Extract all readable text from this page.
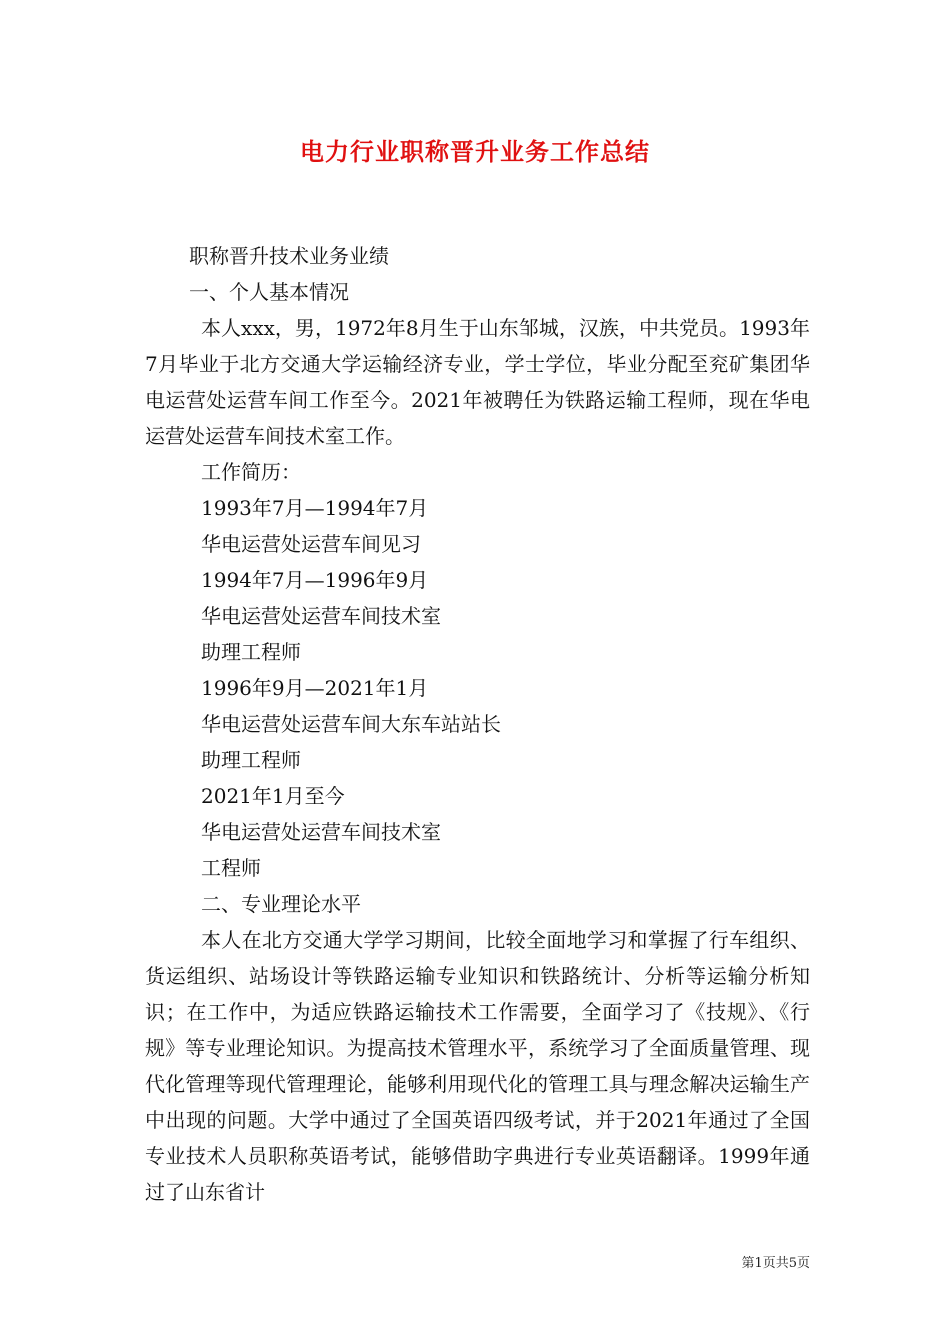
电力行业职称晋升业务工作总结
职称晋升技术业务业绩
一、个人基本情况

本人xxx，男，1972年8月生于山东邹城，汉族，中共党员。1993年7月毕业于北方交通大学运输经济专业，学士学位，毕业分配至兖矿集团华电运营处运营车间工作至今。2021年被聘任为铁路运输工程师，现在华电运营处运营车间技术室工作。

工作简历：
1993年7月—1994年7月
华电运营处运营车间见习
1994年7月—1996年9月
华电运营处运营车间技术室
助理工程师
1996年9月—2021年1月
华电运营处运营车间大东车站站长
助理工程师
2021年1月至今
华电运营处运营车间技术室
工程师
二、专业理论水平

本人在北方交通大学学习期间，比较全面地学习和掌握了行车组织、货运组织、站场设计等铁路运输专业知识和铁路统计、分析等运输分析知识；在工作中，为适应铁路运输技术工作需要，全面学习了《技规》、《行规》等专业理论知识。为提高技术管理水平，系统学习了全面质量管理、现代化管理等现代管理理论，能够利用现代化的管理工具与理念解决运输生产中出现的问题。大学中通过了全国英语四级考试，并于2021年通过了全国专业技术人员职称英语考试，能够借助字典进行专业英语翻译。1999年通过了山东省计

第1页共5页
